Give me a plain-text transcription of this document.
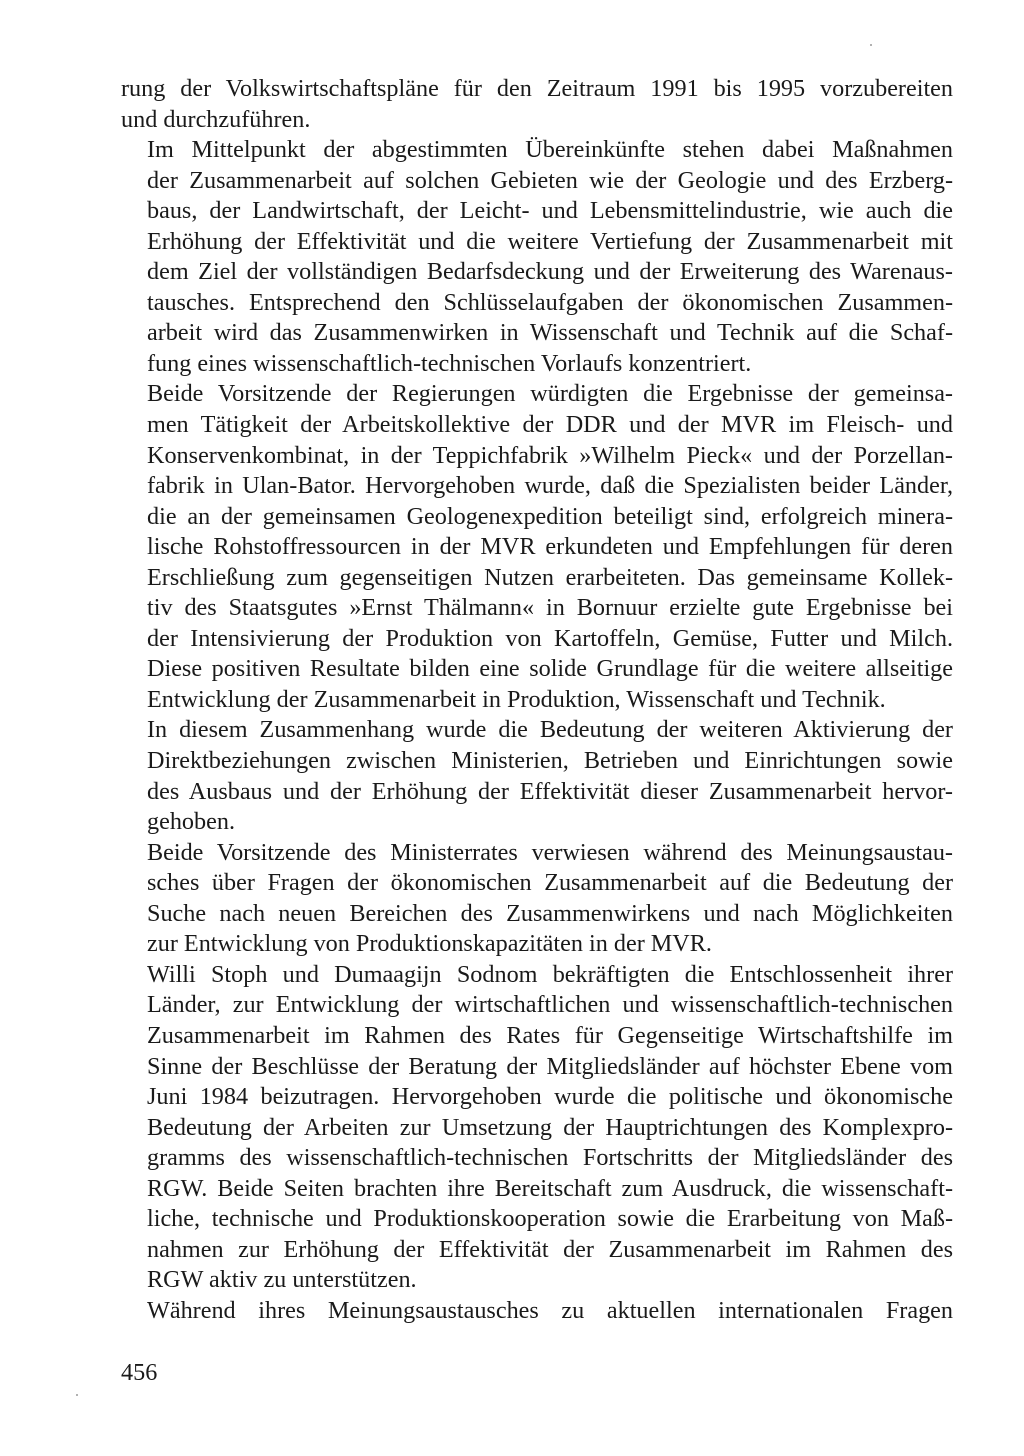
rung der Volkswirtschaftspläne für den Zeitraum 1991 bis 1995 vorzubereiten
und durchzuführen.

Im Mittelpunkt der abgestimmten Übereinkünfte stehen dabei Maßnahmen
der Zusammenarbeit auf solchen Gebieten wie der Geologie und des Erzberg-
baus, der Landwirtschaft, der Leicht- und Lebensmittelindustrie, wie auch die
Erhöhung der Effektivität und die weitere Vertiefung der Zusammenarbeit mit
dem Ziel der vollständigen Bedarfsdeckung und der Erweiterung des Warenaus-
tausches. Entsprechend den Schlüsselaufgaben der ökonomischen Zusammen-
arbeit wird das Zusammenwirken in Wissenschaft und Technik auf die Schaf-
fung eines wissenschaftlich-technischen Vorlaufs konzentriert.

Beide Vorsitzende der Regierungen würdigten die Ergebnisse der gemeinsa-
men Tätigkeit der Arbeitskollektive der DDR und der MVR im Fleisch- und
Konservenkombinat, in der Teppichfabrik »Wilhelm Pieck« und der Porzellan-
fabrik in Ulan-Bator. Hervorgehoben wurde, daß die Spezialisten beider Länder,
die an der gemeinsamen Geologenexpedition beteiligt sind, erfolgreich minera-
lische Rohstoffressourcen in der MVR erkundeten und Empfehlungen für deren
Erschließung zum gegenseitigen Nutzen erarbeiteten. Das gemeinsame Kollek-
tiv des Staatsgutes »Ernst Thälmann« in Bornuur erzielte gute Ergebnisse bei
der Intensivierung der Produktion von Kartoffeln, Gemüse, Futter und Milch.
Diese positiven Resultate bilden eine solide Grundlage für die weitere allseitige
Entwicklung der Zusammenarbeit in Produktion, Wissenschaft und Technik.

In diesem Zusammenhang wurde die Bedeutung der weiteren Aktivierung der
Direktbeziehungen zwischen Ministerien, Betrieben und Einrichtungen sowie
des Ausbaus und der Erhöhung der Effektivität dieser Zusammenarbeit hervor-
gehoben.

Beide Vorsitzende des Ministerrates verwiesen während des Meinungsaustau-
sches über Fragen der ökonomischen Zusammenarbeit auf die Bedeutung der
Suche nach neuen Bereichen des Zusammenwirkens und nach Möglichkeiten
zur Entwicklung von Produktionskapazitäten in der MVR.

Willi Stoph und Dumaagijn Sodnom bekräftigten die Entschlossenheit ihrer
Länder, zur Entwicklung der wirtschaftlichen und wissenschaftlich-technischen
Zusammenarbeit im Rahmen des Rates für Gegenseitige Wirtschaftshilfe im
Sinne der Beschlüsse der Beratung der Mitgliedsländer auf höchster Ebene vom
Juni 1984 beizutragen. Hervorgehoben wurde die politische und ökonomische
Bedeutung der Arbeiten zur Umsetzung der Hauptrichtungen des Komplexpro-
gramms des wissenschaftlich-technischen Fortschritts der Mitgliedsländer des
RGW. Beide Seiten brachten ihre Bereitschaft zum Ausdruck, die wissenschaft-
liche, technische und Produktionskooperation sowie die Erarbeitung von Maß-
nahmen zur Erhöhung der Effektivität der Zusammenarbeit im Rahmen des
RGW aktiv zu unterstützen.

Während ihres Meinungsaustausches zu aktuellen internationalen Fragen

456
